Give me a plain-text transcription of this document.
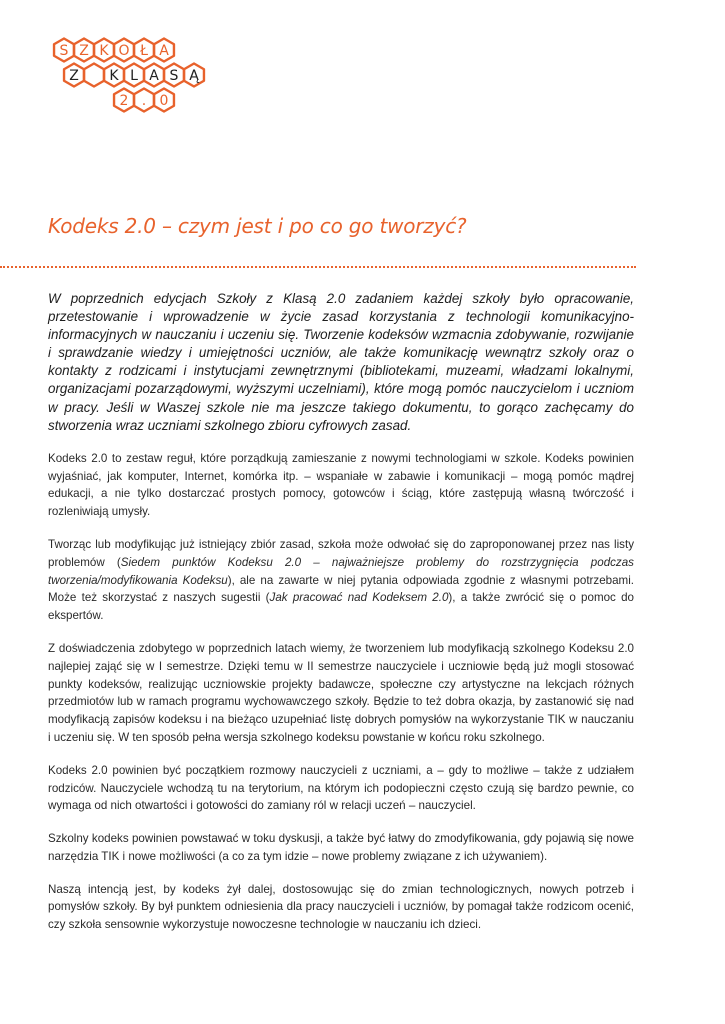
S Z K O Ł A
Z K L A S Ą
2 . 0
Kodeks 2.0 – czym jest i po co go tworzyć?

W poprzednich edycjach Szkoły z Klasą 2.0 zadaniem każdej szkoły było opracowanie, przetestowanie i wprowadzenie w życie zasad korzystania z technologii komunikacyjno-informacyjnych w nauczaniu i uczeniu się. Tworzenie kodeksów wzmacnia zdobywanie, rozwijanie i sprawdzanie wiedzy i umiejętności uczniów, ale także komunikację wewnątrz szkoły oraz o kontakty z rodzicami i instytucjami zewnętrznymi (bibliotekami, muzeami, władzami lokalnymi, organizacjami pozarządowymi, wyższymi uczelniami), które mogą pomóc nauczycielom i uczniom w pracy. Jeśli w Waszej szkole nie ma jeszcze takiego dokumentu, to gorąco zachęcamy do stworzenia wraz uczniami szkolnego zbioru cyfrowych zasad.

Kodeks 2.0 to zestaw reguł, które porządkują zamieszanie z nowymi technologiami w szkole. Kodeks powinien wyjaśniać, jak komputer, Internet, komórka itp. – wspaniałe w zabawie i komunikacji – mogą pomóc mądrej edukacji, a nie tylko dostarczać prostych pomocy, gotowców i ściąg, które zastępują własną twórczość i rozleniwiają umysły.

Tworząc lub modyfikując już istniejący zbiór zasad, szkoła może odwołać się do zaproponowanej przez nas listy problemów (Siedem punktów Kodeksu 2.0 – najważniejsze problemy do rozstrzygnięcia podczas tworzenia/modyfikowania Kodeksu), ale na zawarte w niej pytania odpowiada zgodnie z własnymi potrzebami. Może też skorzystać z naszych sugestii (Jak pracować nad Kodeksem 2.0), a także zwrócić się o pomoc do ekspertów.

Z doświadczenia zdobytego w poprzednich latach wiemy, że tworzeniem lub modyfikacją szkolnego Kodeksu 2.0 najlepiej zająć się w I semestrze. Dzięki temu w II semestrze nauczyciele i uczniowie będą już mogli stosować punkty kodeksów, realizując uczniowskie projekty badawcze, społeczne czy artystyczne na lekcjach różnych przedmiotów lub w ramach programu wychowawczego szkoły. Będzie to też dobra okazja, by zastanowić się nad modyfikacją zapisów kodeksu i na bieżąco uzupełniać listę dobrych pomysłów na wykorzystanie TIK w nauczaniu i uczeniu się. W ten sposób pełna wersja szkolnego kodeksu powstanie w końcu roku szkolnego.

Kodeks 2.0 powinien być początkiem rozmowy nauczycieli z uczniami, a – gdy to możliwe – także z udziałem rodziców. Nauczyciele wchodzą tu na terytorium, na którym ich podopieczni często czują się bardzo pewnie, co wymaga od nich otwartości i gotowości do zamiany ról w relacji uczeń – nauczyciel.

Szkolny kodeks powinien powstawać w toku dyskusji, a także być łatwy do zmodyfikowania, gdy pojawią się nowe narzędzia TIK i nowe możliwości (a co za tym idzie – nowe problemy związane z ich używaniem).

Naszą intencją jest, by kodeks żył dalej, dostosowując się do zmian technologicznych, nowych potrzeb i pomysłów szkoły. By był punktem odniesienia dla pracy nauczycieli i uczniów, by pomagał także rodzicom ocenić, czy szkoła sensownie wykorzystuje nowoczesne technologie w nauczaniu ich dzieci.
